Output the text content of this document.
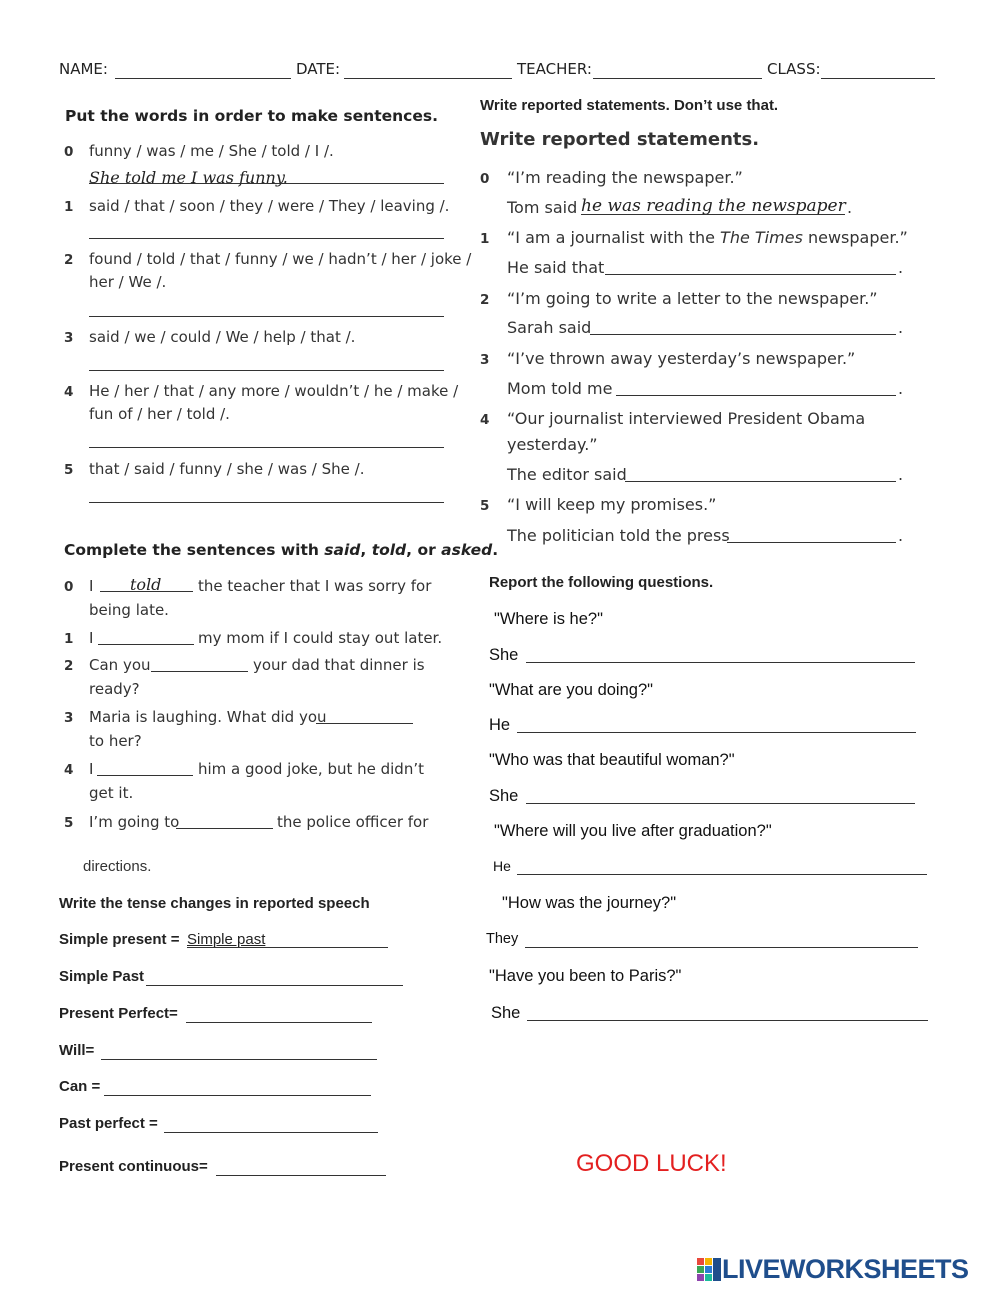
NAME:	DATE:	TEACHER:	CLASS:
Put the words in order to make sentences.
0 funny / was / me / She / told / I /.
She told me I was funny.
1 said / that / soon / they / were / They / leaving /.
2 found / told / that / funny / we / hadn’t / her / joke /
her / We /.
3 said / we / could / We / help / that /.
4 He / her / that / any more / wouldn’t / he / make /
fun of / her / told /.
5 that / said / funny / she / was / She /.
Complete the sentences with said, told, or asked.
0 I told the teacher that I was sorry for
being late.
1 I	my mom if I could stay out later.
2 Can you	your dad that dinner is
ready?
3 Maria is laughing. What did you
to her?
4 I	him a good joke, but he didn’t
get it.
5 I’m going to	the police officer for
directions.
Write the tense changes in reported speech
Simple present = Simple past
Simple Past
Present Perfect=
Will=
Can =
Past perfect =
Present continuous=
Write reported statements. Don’t use that.
Write reported statements.
0 “I’m reading the newspaper.”
Tom said he was reading the newspaper .
1 “I am a journalist with the The Times newspaper.”
He said that	.
2 “I’m going to write a letter to the newspaper.”
Sarah said	.
3 “I’ve thrown away yesterday’s newspaper.”
Mom told me	.
4 “Our journalist interviewed President Obama
yesterday.”
The editor said	.
5 “I will keep my promises.”
The politician told the press	.
Report the following questions.
"Where is he?"
She
"What are you doing?"
He
"Who was that beautiful woman?"
She
"Where will you live after graduation?"
He
"How was the journey?"
They
"Have you been to Paris?"
She
GOOD LUCK!
LIVEWORKSHEETS
